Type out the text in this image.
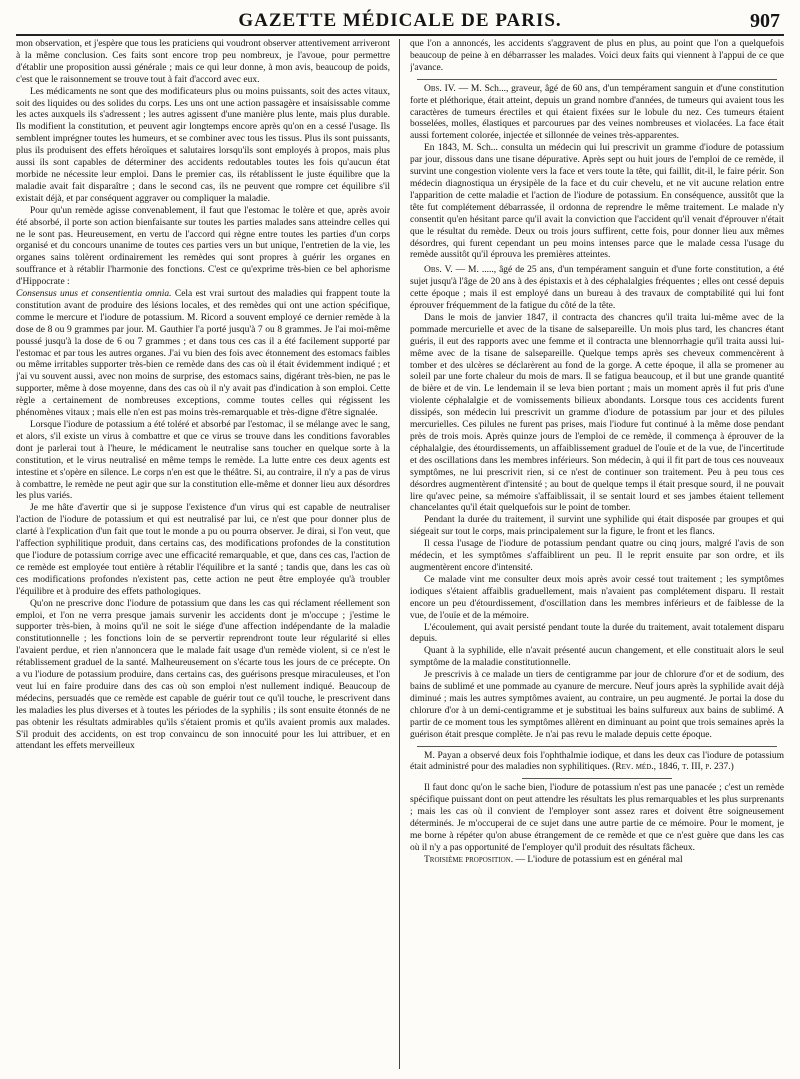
GAZETTE MÉDICALE DE PARIS.	907

mon observation, et j'espère que tous les praticiens qui voudront observer attentivement arriveront à la même conclusion. Ces faits sont encore trop peu nombreux, je l'avoue, pour permettre d'établir une proposition aussi générale ; mais ce qui leur donne, à mon avis, beaucoup de poids, c'est que le raisonnement se trouve tout à fait d'accord avec eux.

Les médicaments ne sont que des modificateurs plus ou moins puissants, soit des actes vitaux, soit des liquides ou des solides du corps. Les uns ont une action passagère et insaisissable comme les actes auxquels ils s'adressent ; les autres agissent d'une manière plus lente, mais plus durable. Ils modifient la constitution, et peuvent agir longtemps encore après qu'on en a cessé l'usage. Ils semblent imprégner toutes les humeurs, et se combiner avec tous les tissus. Plus ils sont puissants, plus ils produisent des effets héroïques et salutaires lorsqu'ils sont employés à propos, mais plus aussi ils sont capables de déterminer des accidents redoutables toutes les fois qu'aucun état morbide ne nécessite leur emploi. Dans le premier cas, ils rétablissent le juste équilibre que la maladie avait fait disparaître ; dans le second cas, ils ne peuvent que rompre cet équilibre s'il existait déjà, et par conséquent aggraver ou compliquer la maladie.

Pour qu'un remède agisse convenablement, il faut que l'estomac le tolère et que, après avoir été absorbé, il porte son action bienfaisante sur toutes les parties malades sans atteindre celles qui ne le sont pas. Heureusement, en vertu de l'accord qui règne entre toutes les parties d'un corps organisé et du concours unanime de toutes ces parties vers un but unique, l'entretien de la vie, les organes sains tolèrent ordinairement les remèdes qui sont propres à guérir les organes en souffrance et à rétablir l'harmonie des fonctions. C'est ce qu'exprime très-bien ce bel aphorisme d'Hippocrate :

Consensus unus et consentientia omnia. Cela est vrai surtout des maladies qui frappent toute la constitution avant de produire des lésions locales, et des remèdes qui ont une action spécifique, comme le mercure et l'iodure de potassium. M. Ricord a souvent employé ce dernier remède à la dose de 8 ou 9 grammes par jour. M. Gauthier l'a porté jusqu'à 7 ou 8 grammes. Je l'ai moi-même poussé jusqu'à la dose de 6 ou 7 grammes ; et dans tous ces cas il a été facilement supporté par l'estomac et par tous les autres organes. J'ai vu bien des fois avec étonnement des estomacs faibles ou même irritables supporter très-bien ce remède dans des cas où il était évidemment indiqué ; et j'ai vu souvent aussi, avec non moins de surprise, des estomacs sains, digérant très-bien, ne pas le supporter, même à dose moyenne, dans des cas où il n'y avait pas d'indication à son emploi. Cette règle a certainement de nombreuses exceptions, comme toutes celles qui régissent les phénomènes vitaux ; mais elle n'en est pas moins très-remarquable et très-digne d'être signalée.

Lorsque l'iodure de potassium a été toléré et absorbé par l'estomac, il se mélange avec le sang, et alors, s'il existe un virus à combattre et que ce virus se trouve dans les conditions favorables dont je parlerai tout à l'heure, le médicament le neutralise sans toucher en quelque sorte à la constitution, et le virus neutralisé en même temps le remède. La lutte entre ces deux agents est intestine et s'opère en silence. Le corps n'en est que le théâtre. Si, au contraire, il n'y a pas de virus à combattre, le remède ne peut agir que sur la constitution elle-même et donner lieu aux désordres les plus variés.

Je me hâte d'avertir que si je suppose l'existence d'un virus qui est capable de neutraliser l'action de l'iodure de potassium et qui est neutralisé par lui, ce n'est que pour donner plus de clarté à l'explication d'un fait que tout le monde a pu ou pourra observer. Je dirai, si l'on veut, que l'affection syphilitique produit, dans certains cas, des modifications profondes de la constitution que l'iodure de potassium corrige avec une efficacité remarquable, et que, dans ces cas, l'action de ce remède est employée tout entière à rétablir l'équilibre et la santé ; tandis que, dans les cas où ces modifications profondes n'existent pas, cette action ne peut être employée qu'à troubler l'équilibre et à produire des effets pathologiques.

Qu'on ne prescrive donc l'iodure de potassium que dans les cas qui réclament réellement son emploi, et l'on ne verra presque jamais survenir les accidents dont je m'occupe ; j'estime le supporter très-bien, à moins qu'il ne soit le siége d'une affection indépendante de la maladie constitutionnelle ; les fonctions loin de se pervertir reprendront toute leur régularité si elles l'avaient perdue, et rien n'annoncera que le malade fait usage d'un remède violent, si ce n'est le rétablissement graduel de la santé. Malheureusement on s'écarte tous les jours de ce précepte. On a vu l'iodure de potassium produire, dans certains cas, des guérisons presque miraculeuses, et l'on veut lui en faire produire dans des cas où son emploi n'est nullement indiqué. Beaucoup de médecins, persuadés que ce remède est capable de guérir tout ce qu'il touche, le prescrivent dans les maladies les plus diverses et à toutes les périodes de la syphilis ; ils sont ensuite étonnés de ne pas obtenir les résultats admirables qu'ils s'étaient promis et qu'ils avaient promis aux malades. S'il produit des accidents, on est trop convaincu de son innocuité pour les lui attribuer, et en attendant les effets merveilleux

que l'on a annoncés, les accidents s'aggravent de plus en plus, au point que l'on a quelquefois beaucoup de peine à en débarrasser les malades. Voici deux faits qui viennent à l'appui de ce que j'avance.

Obs. IV. — M. Sch..., graveur, âgé de 60 ans, d'un tempérament sanguin et d'une constitution forte et pléthorique, était atteint, depuis un grand nombre d'années, de tumeurs qui avaient tous les caractères de tumeurs érectiles et qui étaient fixées sur le lobule du nez. Ces tumeurs étaient bosselées, molles, élastiques et parcourues par des veines nombreuses et violacées. La face était aussi fortement colorée, injectée et sillonnée de veines très-apparentes.

En 1843, M. Sch... consulta un médecin qui lui prescrivit un gramme d'iodure de potassium par jour, dissous dans une tisane dépurative. Après sept ou huit jours de l'emploi de ce remède, il survint une congestion violente vers la face et vers toute la tête, qui faillit, dit-il, le faire périr. Son médecin diagnostiqua un érysipèle de la face et du cuir chevelu, et ne vit aucune relation entre l'apparition de cette maladie et l'action de l'iodure de potassium. En conséquence, aussitôt que la tête fut complétement débarrassée, il ordonna de reprendre le même traitement. Le malade n'y consentit qu'en hésitant parce qu'il avait la conviction que l'accident qu'il venait d'éprouver n'était que le résultat du remède. Deux ou trois jours suffirent, cette fois, pour donner lieu aux mêmes désordres, qui furent cependant un peu moins intenses parce que le malade cessa l'usage du remède aussitôt qu'il éprouva les premières atteintes.

Obs. V. — M. ....., âgé de 25 ans, d'un tempérament sanguin et d'une forte constitution, a été sujet jusqu'à l'âge de 20 ans à des épistaxis et à des céphalalgies fréquentes ; elles ont cessé depuis cette époque ; mais il est employé dans un bureau à des travaux de comptabilité qui lui font éprouver fréquemment de la fatigue du côté de la tête.

Dans le mois de janvier 1847, il contracta des chancres qu'il traita lui-même avec de la pommade mercurielle et avec de la tisane de salsepareille. Un mois plus tard, les chancres étant guéris, il eut des rapports avec une femme et il contracta une blennorrhagie qu'il traita aussi lui-même avec de la tisane de salsepareille. Quelque temps après ses cheveux commencèrent à tomber et des ulcères se déclarèrent au fond de la gorge. A cette époque, il alla se promener au soleil par une forte chaleur du mois de mars. Il se fatigua beaucoup, et il but une grande quantité de bière et de vin. Le lendemain il se leva bien portant ; mais un moment après il fut pris d'une violente céphalalgie et de vomissements bilieux abondants. Lorsque tous ces accidents furent dissipés, son médecin lui prescrivit un gramme d'iodure de potassium par jour et des pilules mercurielles. Ces pilules ne furent pas prises, mais l'iodure fut continué à la même dose pendant près de trois mois. Après quinze jours de l'emploi de ce remède, il commença à éprouver de la céphalalgie, des étourdissements, un affaiblissement graduel de l'ouïe et de la vue, de l'incertitude et des oscillations dans les membres inférieurs. Son médecin, à qui il fit part de tous ces nouveaux symptômes, ne lui prescrivit rien, si ce n'est de continuer son traitement. Peu à peu tous ces désordres augmentèrent d'intensité ; au bout de quelque temps il était presque sourd, il ne pouvait lire qu'avec peine, sa mémoire s'affaiblissait, il se sentait lourd et ses jambes étaient tellement chancelantes qu'il était quelquefois sur le point de tomber.

Pendant la durée du traitement, il survint une syphilide qui était disposée par groupes et qui siégeait sur tout le corps, mais principalement sur la figure, le front et les flancs.

Il cessa l'usage de l'iodure de potassium pendant quatre ou cinq jours, malgré l'avis de son médecin, et les symptômes s'affaiblirent un peu. Il le reprit ensuite par son ordre, et ils augmentèrent encore d'intensité.

Ce malade vint me consulter deux mois après avoir cessé tout traitement ; les symptômes iodiques s'étaient affaiblis graduellement, mais n'avaient pas complétement disparu. Il restait encore un peu d'étourdissement, d'oscillation dans les membres inférieurs et de faiblesse de la vue, de l'ouïe et de la mémoire.

L'écoulement, qui avait persisté pendant toute la durée du traitement, avait totalement disparu depuis.

Quant à la syphilide, elle n'avait présenté aucun changement, et elle constituait alors le seul symptôme de la maladie constitutionnelle.

Je prescrivis à ce malade un tiers de centigramme par jour de chlorure d'or et de sodium, des bains de sublimé et une pommade au cyanure de mercure. Neuf jours après la syphilide avait déjà diminué ; mais les autres symptômes avaient, au contraire, un peu augmenté. Je portai la dose du chlorure d'or à un demi-centigramme et je substituai les bains sulfureux aux bains de sublimé. A partir de ce moment tous les symptômes allèrent en diminuant au point que trois semaines après la guérison était presque complète. Je n'ai pas revu le malade depuis cette époque.

M. Payan a observé deux fois l'ophthalmie iodique, et dans les deux cas l'iodure de potassium était administré pour des maladies non syphilitiques. (Rev. méd., 1846, t. III, p. 237.)

Il faut donc qu'on le sache bien, l'iodure de potassium n'est pas une panacée ; c'est un remède spécifique puissant dont on peut attendre les résultats les plus remarquables et les plus surprenants ; mais les cas où il convient de l'employer sont assez rares et doivent être soigneusement déterminés. Je m'occuperai de ce sujet dans une autre partie de ce mémoire. Pour le moment, je me borne à répéter qu'on abuse étrangement de ce remède et que ce n'est guère que dans les cas où il n'y a pas opportunité de l'employer qu'il produit des résultats fâcheux.

Troisième proposition. — L'iodure de potassium est en général mal
